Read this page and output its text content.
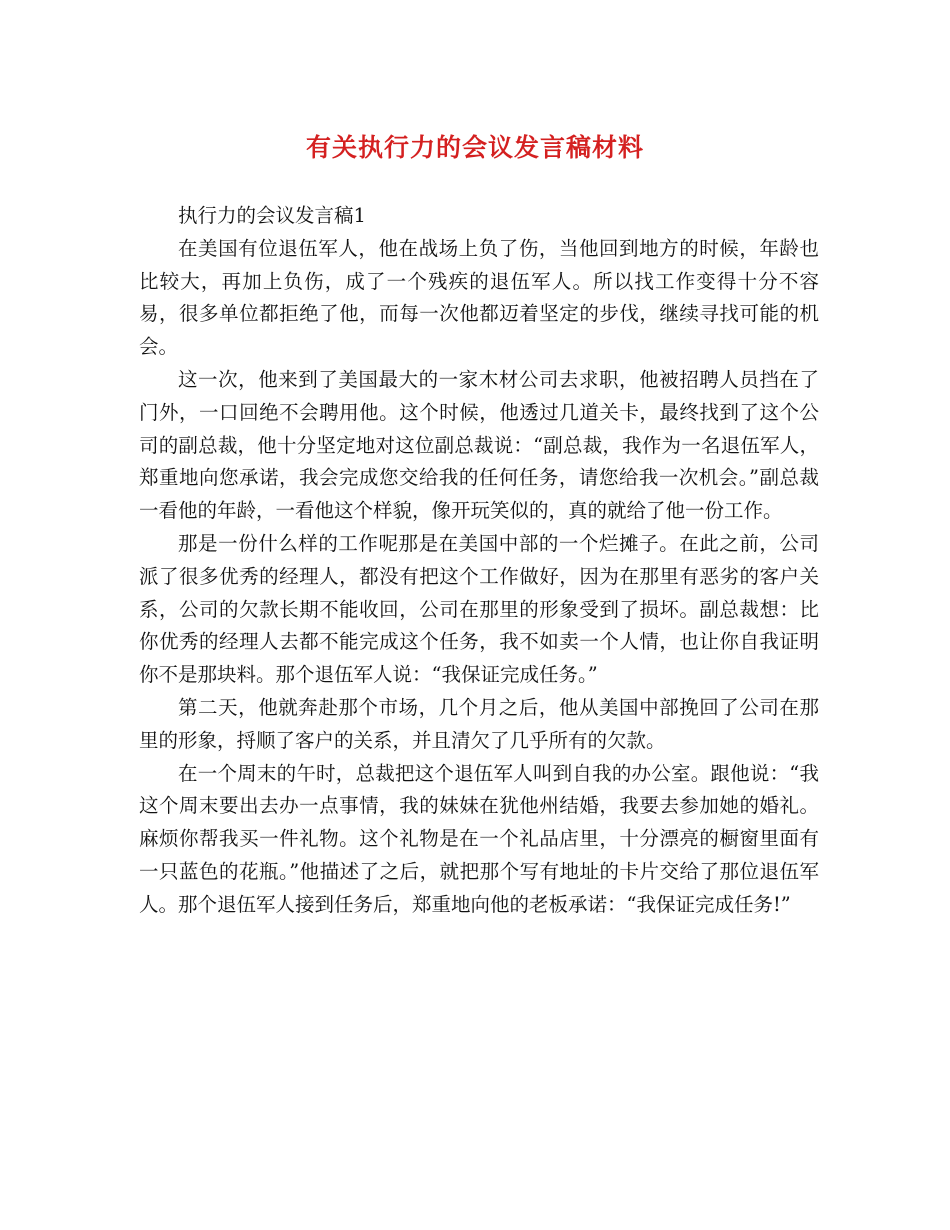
有关执行力的会议发言稿材料

执行力的会议发言稿1

在美国有位退伍军人，他在战场上负了伤，当他回到地方的时候，年龄也比较大，再加上负伤，成了一个残疾的退伍军人。所以找工作变得十分不容易，很多单位都拒绝了他，而每一次他都迈着坚定的步伐，继续寻找可能的机会。

这一次，他来到了美国最大的一家木材公司去求职，他被招聘人员挡在了门外，一口回绝不会聘用他。这个时候，他透过几道关卡，最终找到了这个公司的副总裁，他十分坚定地对这位副总裁说：“副总裁，我作为一名退伍军人，郑重地向您承诺，我会完成您交给我的任何任务，请您给我一次机会。”副总裁一看他的年龄，一看他这个样貌，像开玩笑似的，真的就给了他一份工作。

那是一份什么样的工作呢那是在美国中部的一个烂摊子。在此之前，公司派了很多优秀的经理人，都没有把这个工作做好，因为在那里有恶劣的客户关系，公司的欠款长期不能收回，公司在那里的形象受到了损坏。副总裁想：比你优秀的经理人去都不能完成这个任务，我不如卖一个人情，也让你自我证明你不是那块料。那个退伍军人说：“我保证完成任务。”

第二天，他就奔赴那个市场，几个月之后，他从美国中部挽回了公司在那里的形象，捋顺了客户的关系，并且清欠了几乎所有的欠款。

在一个周末的午时，总裁把这个退伍军人叫到自我的办公室。跟他说：“我这个周末要出去办一点事情，我的妹妹在犹他州结婚，我要去参加她的婚礼。麻烦你帮我买一件礼物。这个礼物是在一个礼品店里，十分漂亮的橱窗里面有一只蓝色的花瓶。”他描述了之后，就把那个写有地址的卡片交给了那位退伍军人。那个退伍军人接到任务后，郑重地向他的老板承诺：“我保证完成任务!”
